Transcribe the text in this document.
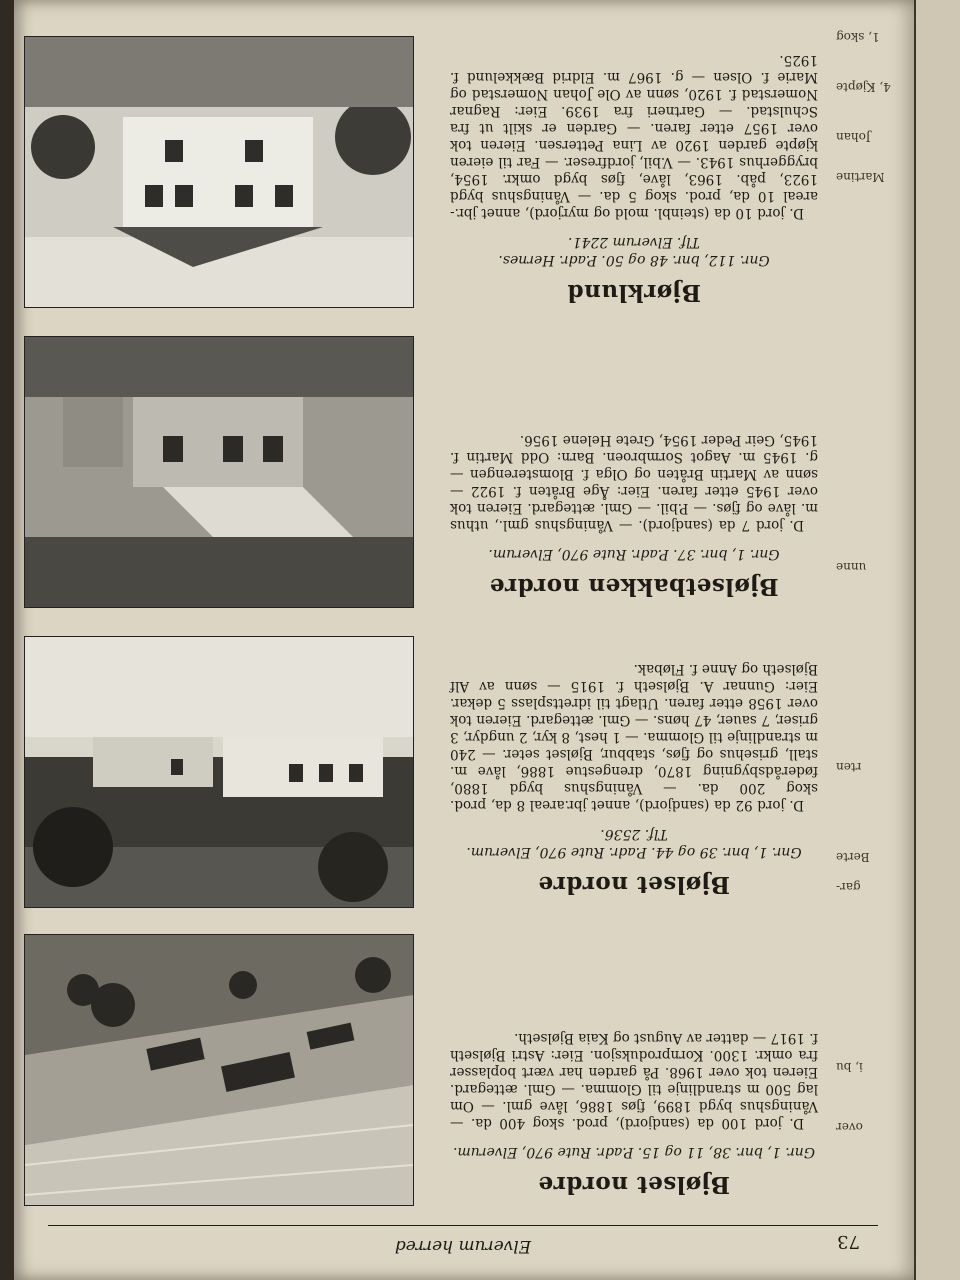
73
Elverum herred
Bjølset nordre
Gnr. 1, bnr. 38, 11 og 15. P.adr. Rute 970, Elverum.
D. jord 100 da (sandjord), prod. skog 400 da. — Våningshus bygd 1899, fjøs 1886, låve gml. — Om lag 500 m strandlinje til Glomma. — Gml. ættegard. Eieren tok over 1968. På garden har vært boplasser fra omkr. 1300. Kornproduksjon. Eier: Astri Bjølseth f. 1917 — datter av August og Kaia Bjølseth.
Bjølset nordre
Gnr. 1, bnr. 39 og 44. P.adr. Rute 970, Elverum.
Tlf. 2536.
D. jord 92 da (sandjord), annet jbr.areal 8 da, prod. skog 200 da. — Våningshus bygd 1880, føderådsbygning 1870, drengestue 1886, låve m. stall, grisehus og fjøs, stabbur, Bjølset seter. — 240 m strandlinje til Glomma. — 1 hest, 8 kyr, 2 ungdyr, 3 griser, 7 sauer, 47 høns. — Gml. ættegard. Eieren tok over 1958 etter faren. Utlagt til idrettsplass 5 dekar. Eier: Gunnar A. Bjølseth f. 1915 — sønn av Alf Bjølseth og Anne f. Fløbak.
Bjølsetbakken nordre
Gnr. 1, bnr. 37. P.adr. Rute 970, Elverum.
D. jord 7 da (sandjord). — Våningshus gml., uthus m. låve og fjøs. — P.bil. — Gml. ættegard. Eieren tok over 1945 etter faren. Eier: Åge Bråten f. 1922 — sønn av Martin Bråten og Olga f. Blomsterengen — g. 1945 m. Aagot Sormbroen. Barn: Odd Martin f. 1945, Geir Peder 1954, Grete Helene 1956.
Bjørklund
Gnr. 112, bnr. 48 og 50. P.adr. Hernes.
Tlf. Elverum 2241.
D. jord 10 da (steinbl. mold og myrjord), annet jbr.-areal 10 da, prod. skog 5 da. — Våningshus bygd 1923, påb. 1963, låve, fjøs bygd omkr. 1954, bryggerhus 1943. — V.bil, jordfreser. — Far til eieren kjøpte garden 1920 av Lina Pettersen. Eieren tok over 1957 etter faren. — Garden er skilt ut fra Schulstad. — Gartneri fra 1939. Eier: Ragnar Nomerstad f. 1920, sønn av Ole Johan Nomerstad og Marie f. Olsen — g. 1967 m. Eldrid Bækkelund f. 1925.
1, skog
4, Kjøpte
Johan
Martine
unne
rten
Berte
gar-
i, bu
over
